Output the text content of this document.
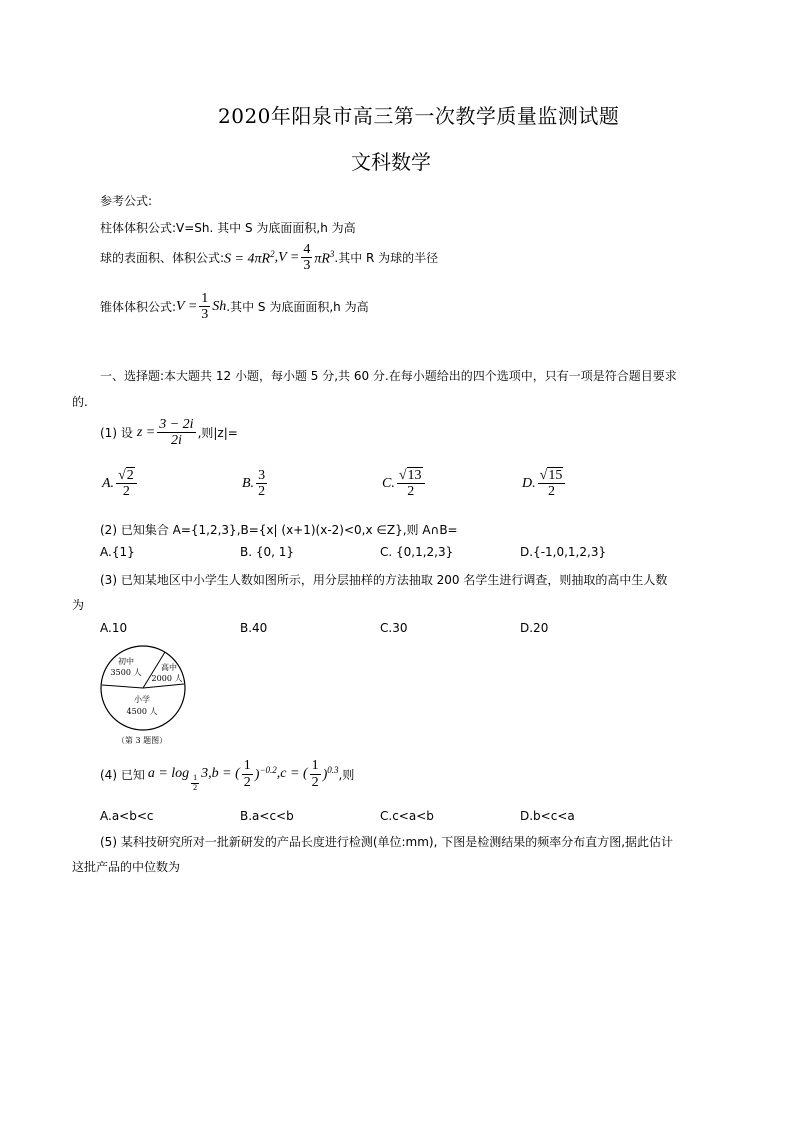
2020年阳泉市高三第一次教学质量监测试题
文科数学
参考公式:
柱体体积公式:V=Sh. 其中 S 为底面面积,h 为高
球的表面积、体积公式: $S = 4\pi R^2$ $,V = \frac{4}{3} \pi R^3$ .其中 R 为球的半径
锥体体积公式: $V = \frac{1}{3}$ Sh .其中 S 为底面面积,h 为高
一、选择题:本大题共 12 小题，每小题 5 分,共 60 分.在每小题给出的四个选项中，只有一项是符合题目要求
的.
(1) 设 $z = \frac{3 - 2i}{2i}$ ,则|z|=
A. $\frac{√2}{2}$	B. $\frac{3}{2}$	C. $\frac{√13}{2}$	D. $\frac{√15}{2}$
(2) 已知集合 A={1,2,3},B={x| (x+1)(x-2)<0,x ∈Z},则 A∩B=
A.{1}	B. {0, 1}	C. {0,1,2,3}	D.{-1,0,1,2,3}
(3) 已知某地区中小学生人数如图所示，用分层抽样的方法抽取 200 名学生进行调查，则抽取的高中生人数
为
A.10	B.40	C.30	D.20
初中
3500 人
高中
2000 人
小学
4500 人
（第 3 题图）
(4) 已知 a = log
$\frac{1}{2}$
3,b = ( $\frac{1}{2} )^{-0.2}$ ,c = ( $\frac{1}{2} )^{0.3}$ ,则
A.a<b<c	B.a<c<b	C.c<a<b	D.b<c<a
(5) 某科技研究所对一批新研发的产品长度进行检测(单位:mm), 下图是检测结果的频率分布直方图,据此估计
这批产品的中位数为
